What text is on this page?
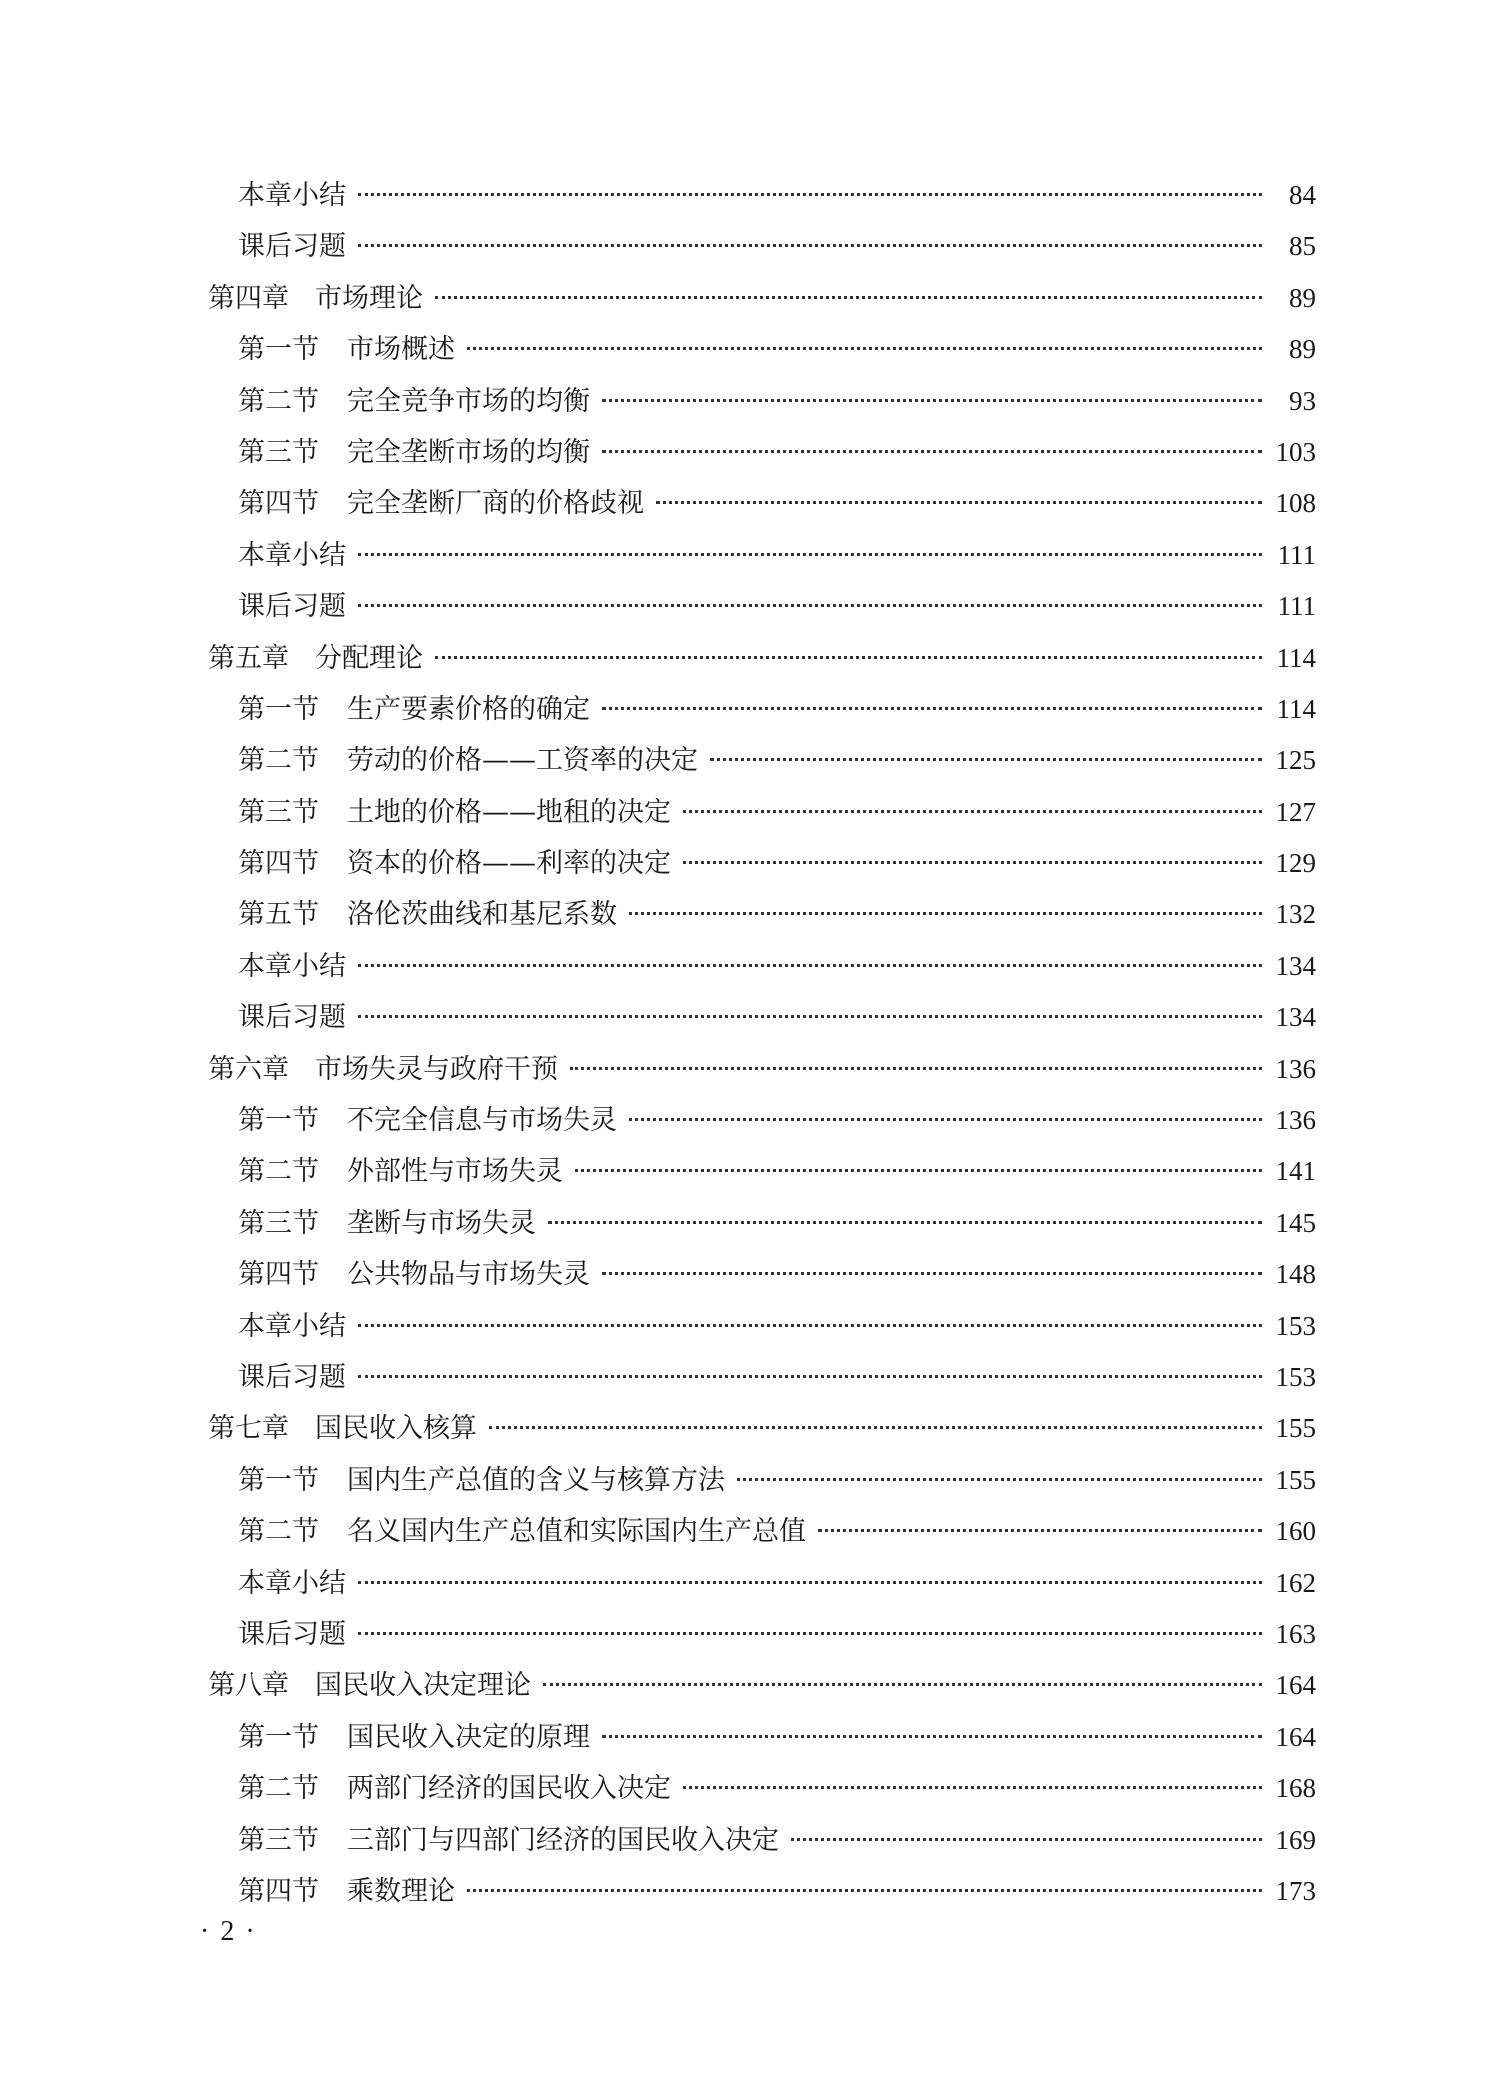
本章小结	84
课后习题	85
第四章 市场理论	89
第一节 市场概述	89
第二节 完全竞争市场的均衡	93
第三节 完全垄断市场的均衡	103
第四节 完全垄断厂商的价格歧视	108
本章小结	111
课后习题	111
第五章 分配理论	114
第一节 生产要素价格的确定	114
第二节 劳动的价格——工资率的决定	125
第三节 土地的价格——地租的决定	127
第四节 资本的价格——利率的决定	129
第五节 洛伦茨曲线和基尼系数	132
本章小结	134
课后习题	134
第六章 市场失灵与政府干预	136
第一节 不完全信息与市场失灵	136
第二节 外部性与市场失灵	141
第三节 垄断与市场失灵	145
第四节 公共物品与市场失灵	148
本章小结	153
课后习题	153
第七章 国民收入核算	155
第一节 国内生产总值的含义与核算方法	155
第二节 名义国内生产总值和实际国内生产总值	160
本章小结	162
课后习题	163
第八章 国民收入决定理论	164
第一节 国民收入决定的原理	164
第二节 两部门经济的国民收入决定	168
第三节 三部门与四部门经济的国民收入决定	169
第四节 乘数理论	173
· 2 ·
